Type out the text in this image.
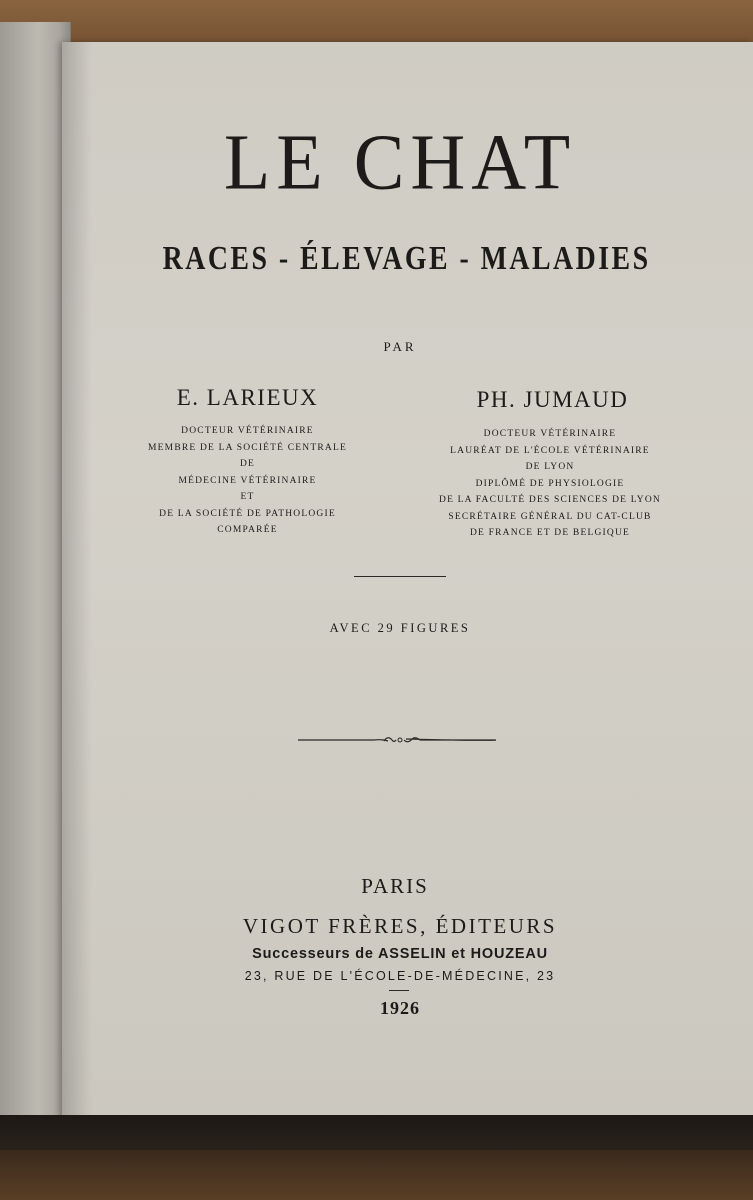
LE CHAT
RACES - ÉLEVAGE - MALADIES
PAR
E. LARIEUX
DOCTEUR VÉTÉRINAIRE
MEMBRE DE LA SOCIÉTÉ CENTRALE
DE
MÉDECINE VÉTÉRINAIRE
ET
DE LA SOCIÉTÉ DE PATHOLOGIE
COMPARÉE
PH. JUMAUD
DOCTEUR VÉTÉRINAIRE
LAURÉAT DE L'ÉCOLE VÉTÉRINAIRE
DE LYON
DIPLÔMÉ DE PHYSIOLOGIE
DE LA FACULTÉ DES SCIENCES DE LYON
SECRÉTAIRE GÉNÉRAL DU CAT-CLUB
DE FRANCE ET DE BELGIQUE
AVEC 29 FIGURES
PARIS
VIGOT FRÈRES, ÉDITEURS
Successeurs de ASSELIN et HOUZEAU
23, RUE DE L'ÉCOLE-DE-MÉDECINE, 23
1926
